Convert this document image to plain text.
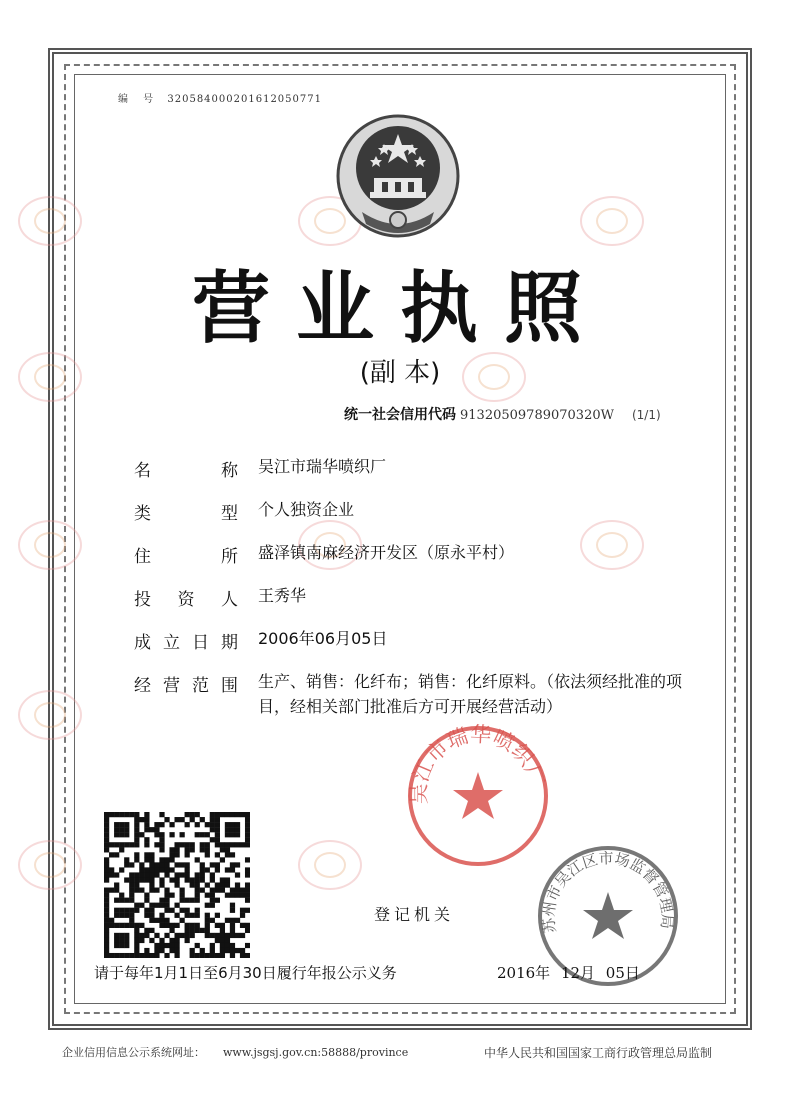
编 号 320584000201612050771
营业执照
(副 本)
统一社会信用代码 91320509789070320W (1/1)
名	称 吴江市瑞华喷织厂
类	型 个人独资企业
住	所 盛泽镇南麻经济开发区（原永平村）
投 资 人 王秀华
成 立 日 期 2006年06月05日
经 营 范 围 生产、销售：化纤布；销售：化纤原料。（依法须经批准的项目，经相关部门批准后方可开展经营活动）
吴江市瑞华喷织厂
登记机关
苏州市吴江区市场监督管理局
请于每年1月1日至6月30日履行年报公示义务	2016年 12月 05日
企业信用信息公示系统网址： www.jsgsj.gov.cn:58888/province	中华人民共和国国家工商行政管理总局监制
